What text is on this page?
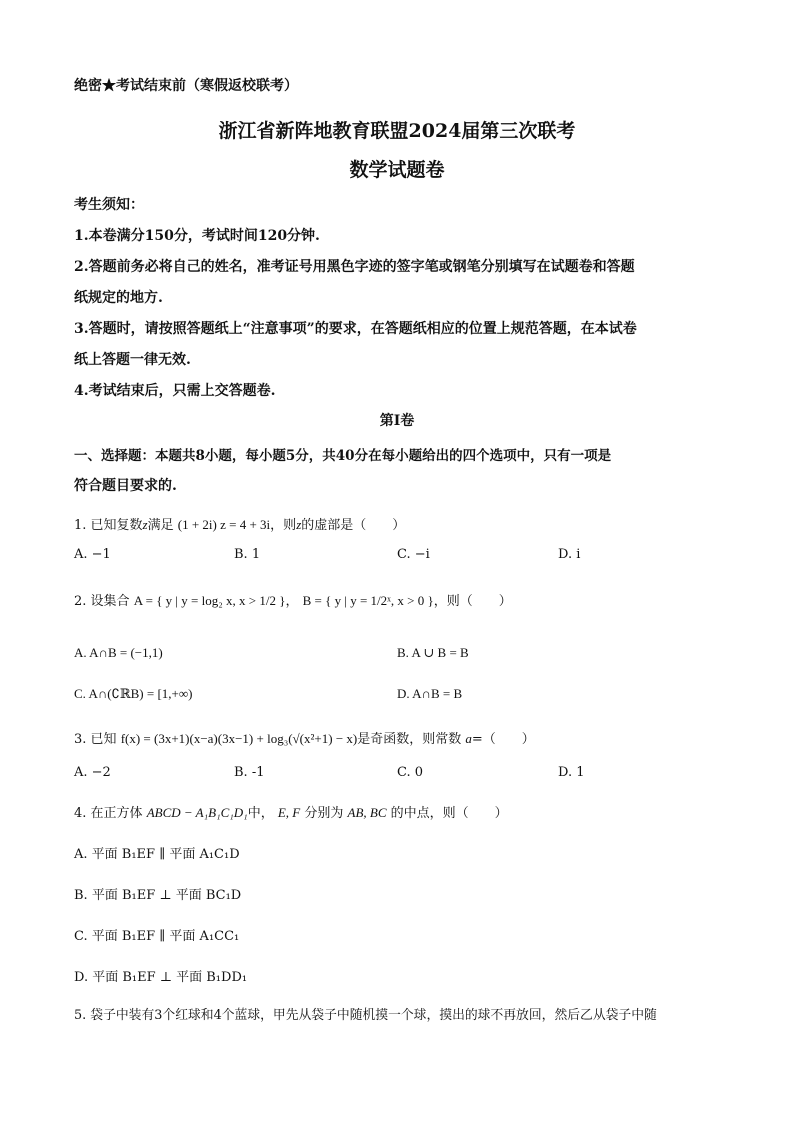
绝密★考试结束前（寒假返校联考）
浙江省新阵地教育联盟2024届第三次联考
数学试题卷
考生须知：
1.本卷满分150分，考试时间120分钟.
2.答题前务必将自己的姓名，准考证号用黑色字迹的签字笔或钢笔分别填写在试题卷和答题
纸规定的地方.
3.答题时，请按照答题纸上“注意事项”的要求，在答题纸相应的位置上规范答题，在本试卷
纸上答题一律无效.
4.考试结束后，只需上交答题卷.
第I卷
一、选择题：本题共8小题，每小题5分，共40分在每小题给出的四个选项中，只有一项是
符合题目要求的.
1. 已知复数z满足 (1 + 2i) z = 4 + 3i，则z的虚部是（　　）
A. −1	B. 1	C. −i	D. i
2. 设集合 A = { y | y = log₂ x, x > 1/2 }， B = { y | y = 1/2ˣ, x > 0 }，则（　　）
A. A∩B = (−1,1)	B. A ∪ B = B
C. A∩(∁ℝB) = [1,+∞)	D. A∩B = B
3. 已知 f(x) = (3x+1)(x−a)(3x−1) + log₃(√(x²+1) − x)是奇函数，则常数 a=（　　）
A. −2	B. -1	C. 0	D. 1
4. 在正方体 ABCD − A₁B₁C₁D₁中， E, F 分别为 AB, BC 的中点，则（　　）
A. 平面 B₁EF ∥ 平面 A₁C₁D
B. 平面 B₁EF ⊥ 平面 BC₁D
C. 平面 B₁EF ∥ 平面 A₁CC₁
D. 平面 B₁EF ⊥ 平面 B₁DD₁
5. 袋子中装有3个红球和4个蓝球，甲先从袋子中随机摸一个球，摸出的球不再放回，然后乙从袋子中随
